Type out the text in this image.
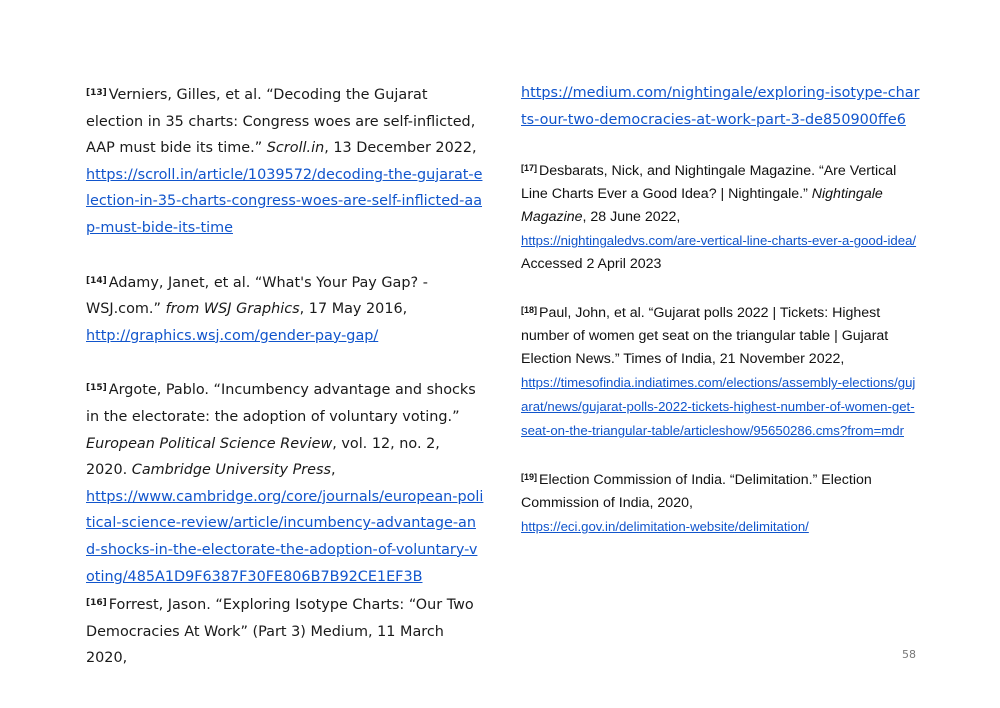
[13] Verniers, Gilles, et al. “Decoding the Gujarat election in 35 charts: Congress woes are self-inflicted, AAP must bide its time.” Scroll.in, 13 December 2022,
https://scroll.in/article/1039572/decoding-the-gujarat-election-in-35-charts-congress-woes-are-self-inflicted-aap-must-bide-its-time

[14] Adamy, Janet, et al. “What's Your Pay Gap? - WSJ.com.” from WSJ Graphics, 17 May 2016,
http://graphics.wsj.com/gender-pay-gap/

[15] Argote, Pablo. “Incumbency advantage and shocks in the electorate: the adoption of voluntary voting.” European Political Science Review, vol. 12, no. 2, 2020. Cambridge University Press,
https://www.cambridge.org/core/journals/european-political-science-review/article/incumbency-advantage-and-shocks-in-the-electorate-the-adoption-of-voluntary-voting/485A1D9F6387F30FE806B7B92CE1EF3B

[16] Forrest, Jason. “Exploring Isotype Charts: “Our Two Democracies At Work” (Part 3) Medium, 11 March 2020,

https://medium.com/nightingale/exploring-isotype-charts-our-two-democracies-at-work-part-3-de850900ffe6

[17] Desbarats, Nick, and Nightingale Magazine. “Are Vertical Line Charts Ever a Good Idea? | Nightingale.” Nightingale Magazine, 28 June 2022,
https://nightingaledvs.com/are-vertical-line-charts-ever-a-good-idea/
Accessed 2 April 2023

[18] Paul, John, et al. “Gujarat polls 2022 | Tickets: Highest number of women get seat on the triangular table | Gujarat Election News.” Times of India, 21 November 2022,
https://timesofindia.indiatimes.com/elections/assembly-elections/gujarat/news/gujarat-polls-2022-tickets-highest-number-of-women-get-seat-on-the-triangular-table/articleshow/95650286.cms?from=mdr

[19] Election Commission of India. “Delimitation.” Election Commission of India, 2020,
https://eci.gov.in/delimitation-website/delimitation/

58
